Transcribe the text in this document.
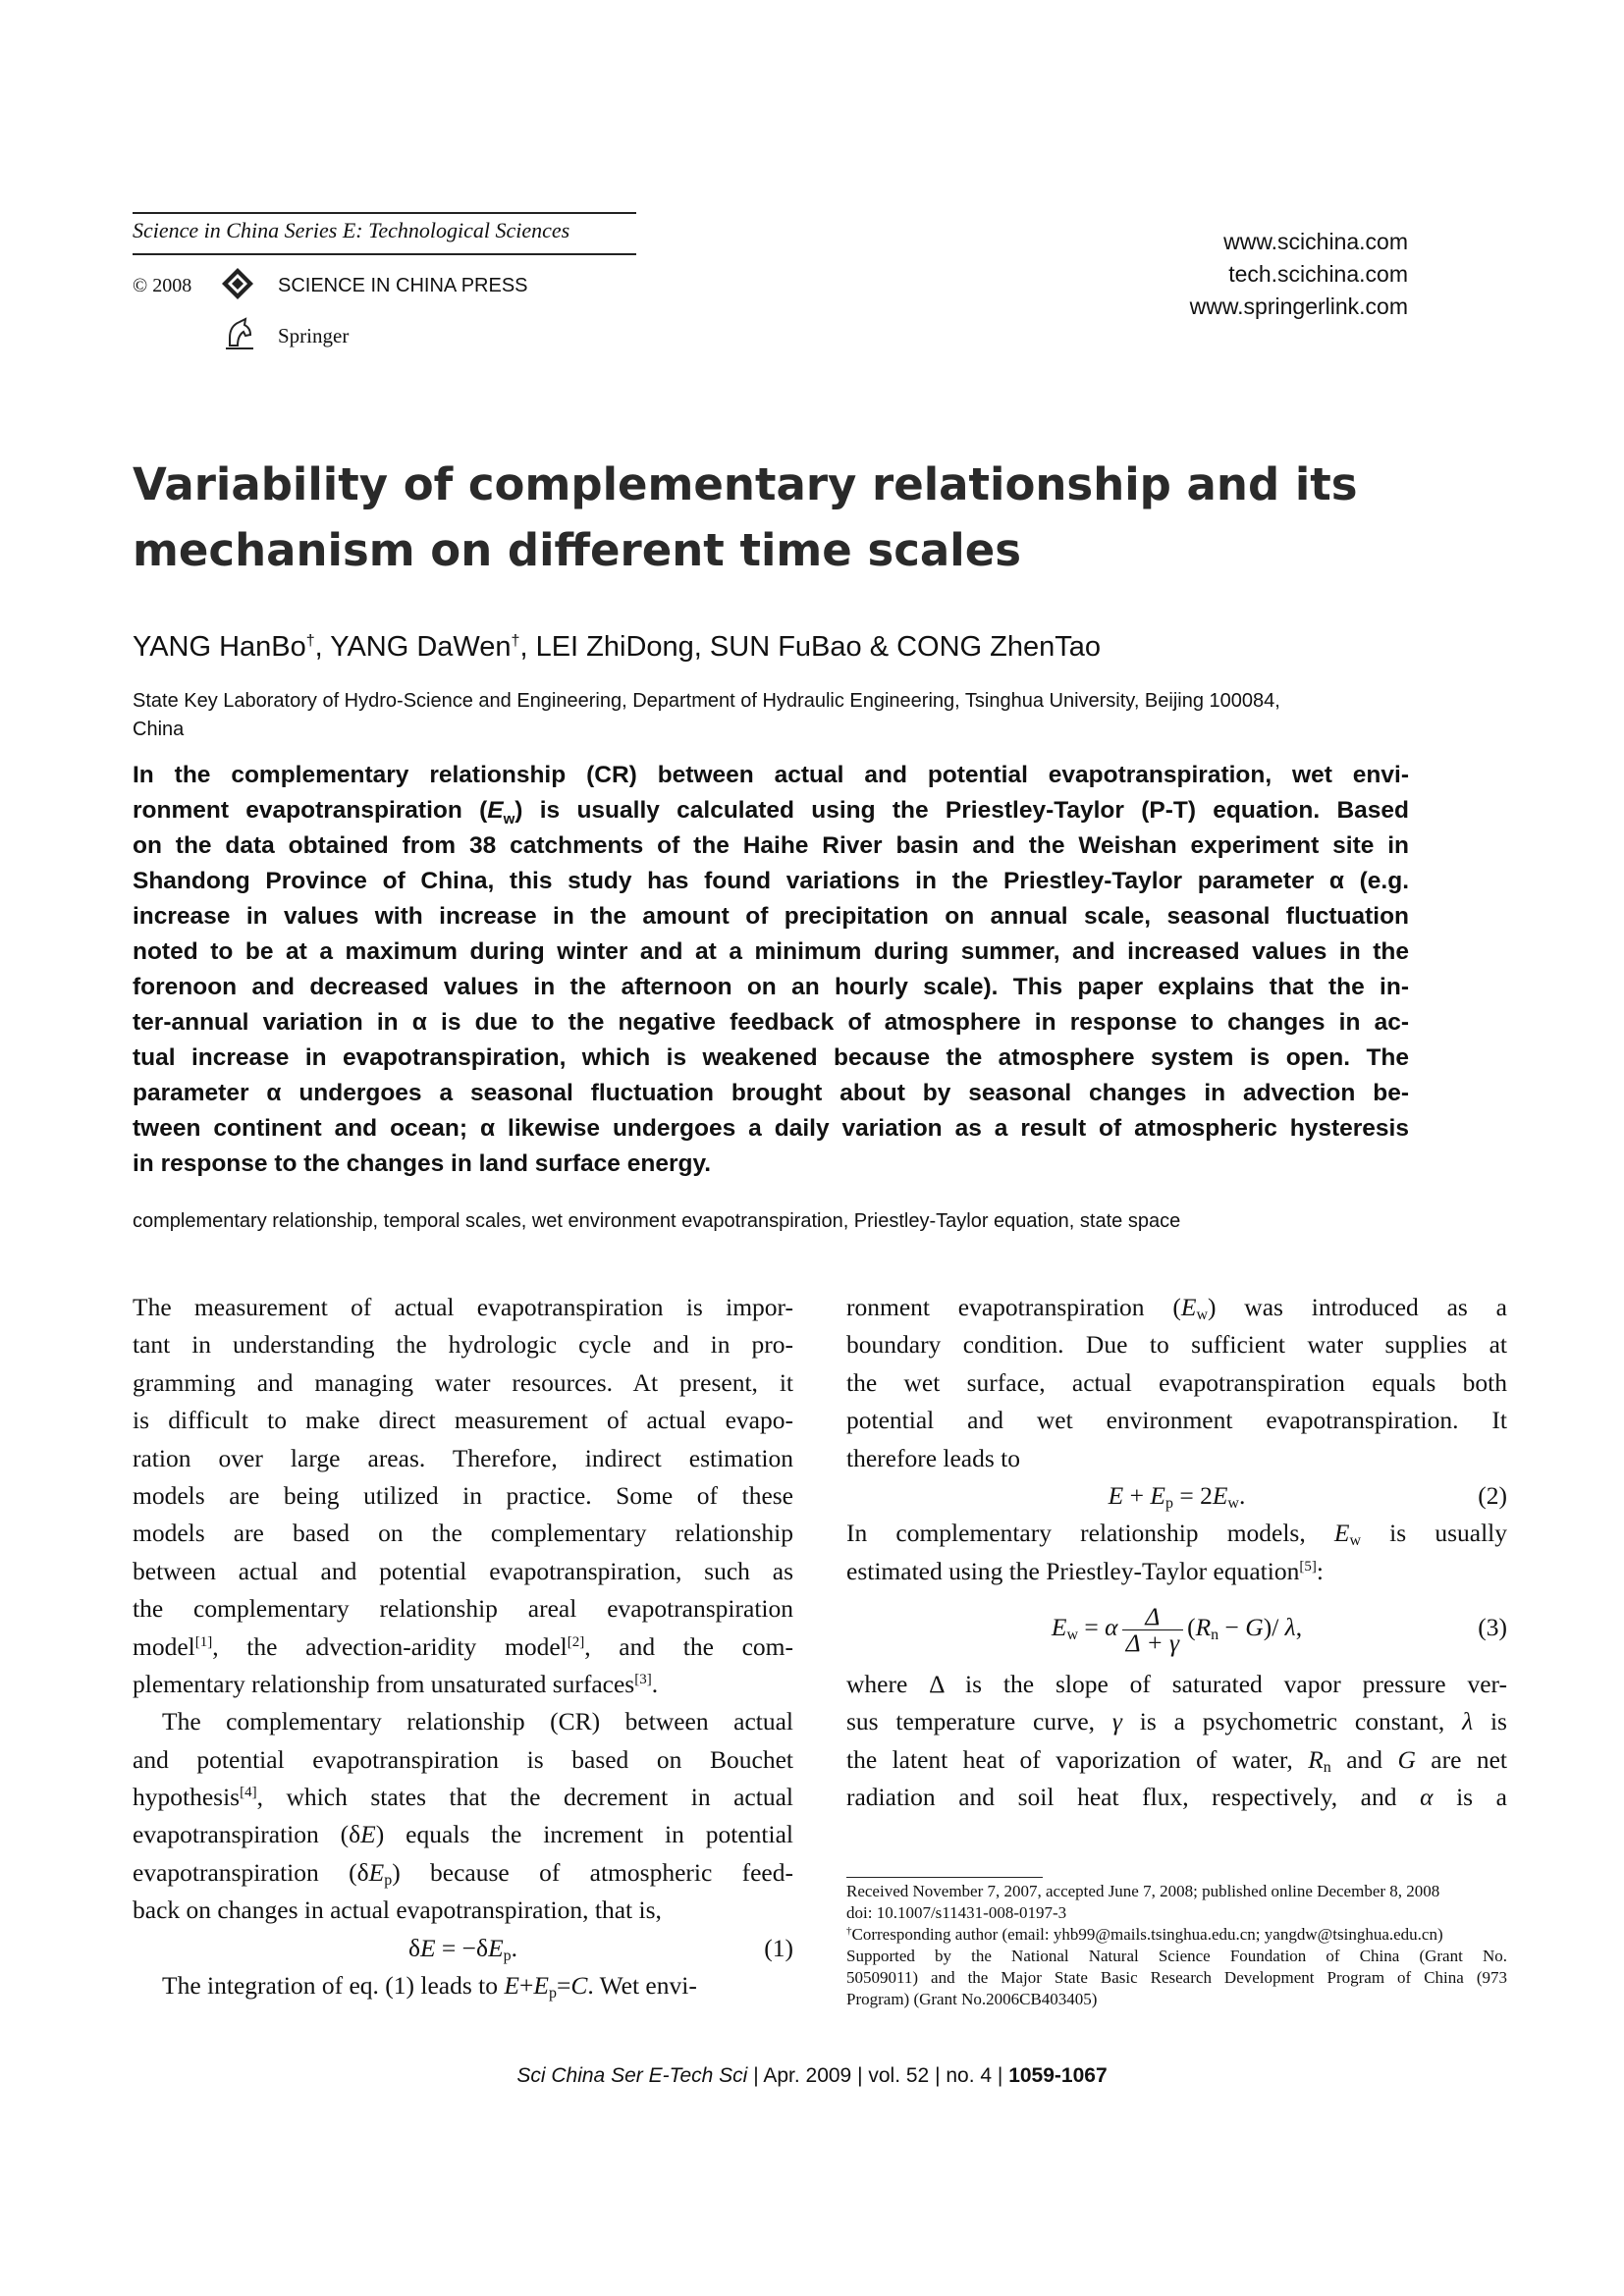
Science in China Series E: Technological Sciences
© 2008	SCIENCE IN CHINA PRESS
Springer
www.scichina.com
tech.scichina.com
www.springerlink.com
Variability of complementary relationship and its
mechanism on different time scales
YANG HanBo†, YANG DaWen†, LEI ZhiDong, SUN FuBao & CONG ZhenTao
State Key Laboratory of Hydro-Science and Engineering, Department of Hydraulic Engineering, Tsinghua University, Beijing 100084,
China
In the complementary relationship (CR) between actual and potential evapotranspiration, wet envi-
ronment evapotranspiration $(E_w)$ is usually calculated using the Priestley-Taylor (P-T) equation. Based
on the data obtained from 38 catchments of the Haihe River basin and the Weishan experiment site in
Shandong Province of China, this study has found variations in the Priestley-Taylor parameter α (e.g.
increase in values with increase in the amount of precipitation on annual scale, seasonal fluctuation
noted to be at a maximum during winter and at a minimum during summer, and increased values in the
forenoon and decreased values in the afternoon on an hourly scale). This paper explains that the in-
ter-annual variation in α is due to the negative feedback of atmosphere in response to changes in ac-
tual increase in evapotranspiration, which is weakened because the atmosphere system is open. The
parameter α undergoes a seasonal fluctuation brought about by seasonal changes in advection be-
tween continent and ocean; α likewise undergoes a daily variation as a result of atmospheric hysteresis
in response to the changes in land surface energy.
complementary relationship, temporal scales, wet environment evapotranspiration, Priestley-Taylor equation, state space
The measurement of actual evapotranspiration is impor-
tant in understanding the hydrologic cycle and in pro-
gramming and managing water resources. At present, it
is difficult to make direct measurement of actual evapo-
ration over large areas. Therefore, indirect estimation
models are being utilized in practice. Some of these
models are based on the complementary relationship
between actual and potential evapotranspiration, such as
the complementary relationship areal evapotranspiration
model[1], the advection-aridity model[2], and the com-
plementary relationship from unsaturated surfaces[3].
The complementary relationship (CR) between actual
and potential evapotranspiration is based on Bouchet
hypothesis[4], which states that the decrement in actual
evapotranspiration (δE) equals the increment in potential
evapotranspiration $(\delta E_p)$ because of atmospheric feed-
back on changes in actual evapotranspiration, that is,
$\delta E = -\delta E_p$.	(1)
The integration of eq. (1) leads to $E+E_p=C$. Wet envi-
ronment evapotranspiration $(E_w)$ was introduced as a
boundary condition. Due to sufficient water supplies at
the wet surface, actual evapotranspiration equals both
potential and wet environment evapotranspiration. It
therefore leads to
$E + E_p = 2E_w$.	(2)
In complementary relationship models, $E_w$ is usually
estimated using the Priestley-Taylor equation[5]:
$E_w = \alpha \frac{\Delta}{\Delta + \gamma} (R_n - G)/$ λ,	(3)
where Δ is the slope of saturated vapor pressure ver-
sus temperature curve, γ is a psychometric constant, λ is
the latent heat of vaporization of water, $R_n$ and G are net
radiation and soil heat flux, respectively, and α is a
Received November 7, 2007, accepted June 7, 2008; published online December 8, 2008
doi: 10.1007/s11431-008-0197-3
†Corresponding author (email: yhb99@mails.tsinghua.edu.cn; yangdw@tsinghua.edu.cn)
Supported by the National Natural Science Foundation of China (Grant No.
50509011) and the Major State Basic Research Development Program of China (973
Program) (Grant No.2006CB403405)
Sci China Ser E-Tech Sci | Apr. 2009 | vol. 52 | no. 4 | 1059-1067
